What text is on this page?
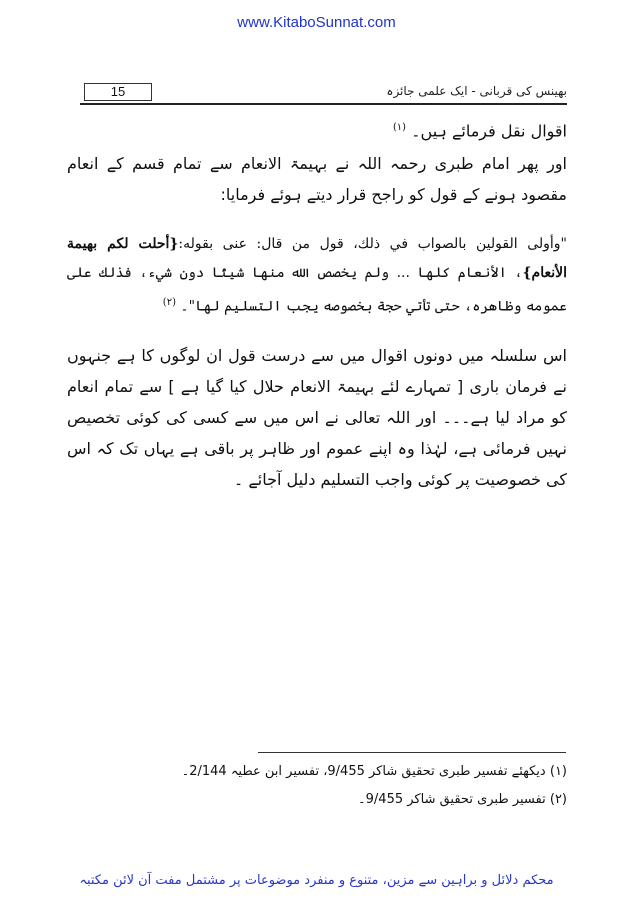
www.KitaboSunnat.com
بھینس کی قربانی - ایک علمی جائزہ
15
اقوال نقل فرمائے ہیں۔ $^{(۱)}$
اور پھر امام طبری رحمہ اللہ نے بہیمۃ الانعام سے تمام قسم کے انعام مقصود ہونے کے قول کو راجح قرار دیتے ہوئے فرمایا:
"وأولى القولين بالصواب في ذلك، قول من قال: عنى بقوله:{أحلت لكم بهيمة الأنعام}، الأنعام كلها ... ولم يخصص الله منها شيئًا دون شيء، فذلك على عمومه وظاهره، حتى تأتي حجة بخصوصه يجب التسليم لها"۔ $^{(۲)}$
اس سلسلہ میں دونوں اقوال میں سے درست قول ان لوگوں کا ہے جنہوں نے فرمان باری [ تمہارے لئے بہیمۃ الانعام حلال کیا گیا ہے ] سے تمام انعام کو مراد لیا ہے۔۔۔ اور اللہ تعالی نے اس میں سے کسی کی کوئی تخصیص نہیں فرمائی ہے، لہٰذا وہ اپنے عموم اور ظاہر پر باقی ہے یہاں تک کہ اس کی خصوصیت پر کوئی واجب التسلیم دلیل آجائے ۔
(۱) دیکھئے تفسیر طبری تحقیق شاکر 9/455، تفسیر ابن عطیہ 2/144۔
(۲) تفسیر طبری تحقیق شاکر 9/455۔
محکم دلائل و براہین سے مزین، متنوع و منفرد موضوعات پر مشتمل مفت آن لائن مکتبہ
